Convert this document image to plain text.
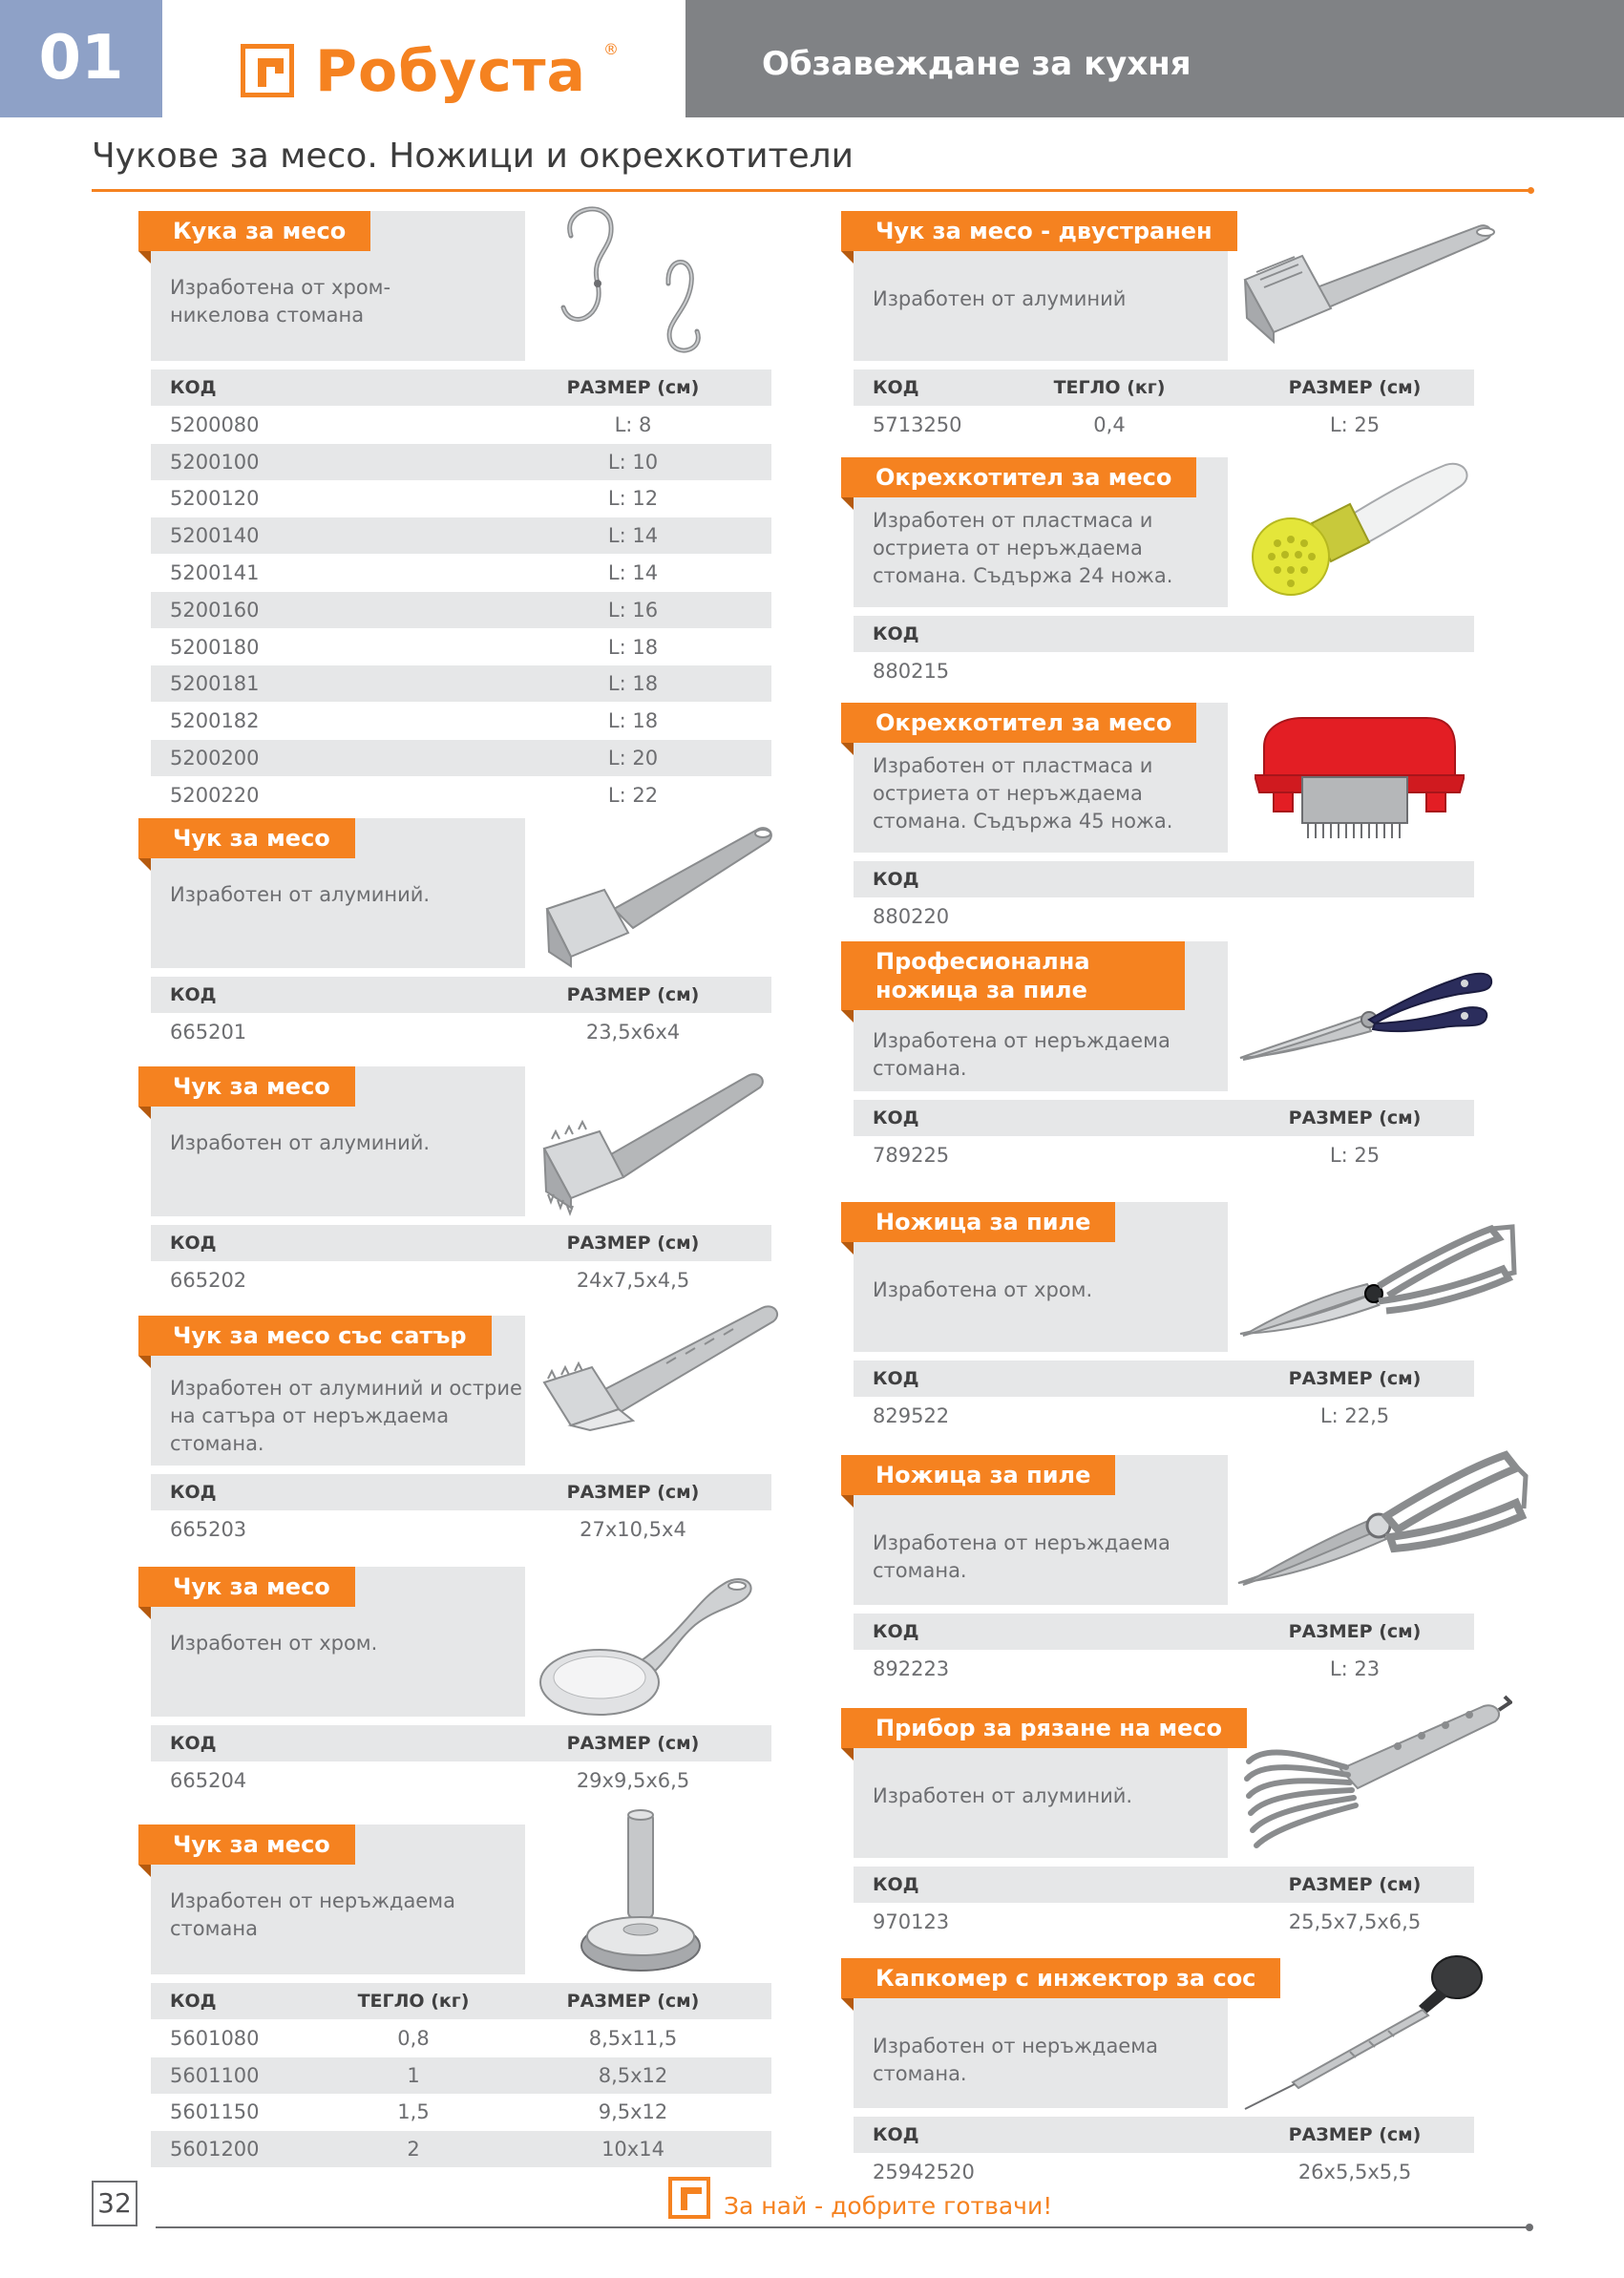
01	Робуста ®	Обзавеждане за кухня
Чукове за месо. Ножици и окрехкотители
Кука за месо
Изработена от хром-никелова стомана
КОД	РАЗМЕР (см)
5200080	L: 8
5200100	L: 10
5200120	L: 12
5200140	L: 14
5200141	L: 14
5200160	L: 16
5200180	L: 18
5200181	L: 18
5200182	L: 18
5200200	L: 20
5200220	L: 22
Чук за месо
Изработен от алуминий.
КОД	РАЗМЕР (см)
665201	23,5x6x4
Чук за месо
Изработен от алуминий.
КОД	РАЗМЕР (см)
665202	24x7,5x4,5
Чук за месо със сатър
Изработен от алуминий и острие на сатъра от неръждаема стомана.
КОД	РАЗМЕР (см)
665203	27x10,5x4
Чук за месо
Изработен от хром.
КОД	РАЗМЕР (см)
665204	29x9,5x6,5
Чук за месо
Изработен от неръждаема стомана
КОД	ТЕГЛО (кг)	РАЗМЕР (см)
5601080	0,8	8,5x11,5
5601100	1	8,5x12
5601150	1,5	9,5x12
5601200	2	10x14
Чук за месо - двустранен
Изработен от алуминий
КОД	ТЕГЛО (кг)	РАЗМЕР (см)
5713250	0,4	L: 25
Окрехкотител за месо
Изработен от пластмаса и остриета от неръждаема стомана. Съдържа 24 ножа.
КОД
880215
Окрехкотител за месо
Изработен от пластмаса и остриета от неръждаема стомана. Съдържа 45 ножа.
КОД
880220
Професионална ножица за пиле
Изработена от неръждаема стомана.
КОД	РАЗМЕР (см)
789225	L: 25
Ножица за пиле
Изработена от хром.
КОД	РАЗМЕР (см)
829522	L: 22,5
Ножица за пиле
Изработена от неръждаема стомана.
КОД	РАЗМЕР (см)
892223	L: 23
Прибор за рязане на месо
Изработен от алуминий.
КОД	РАЗМЕР (см)
970123	25,5x7,5x6,5
Капкомер с инжектор за сос
Изработен от неръждаема стомана.
КОД	РАЗМЕР (см)
25942520	26x5,5x5,5
32	За най - добрите готвачи!
